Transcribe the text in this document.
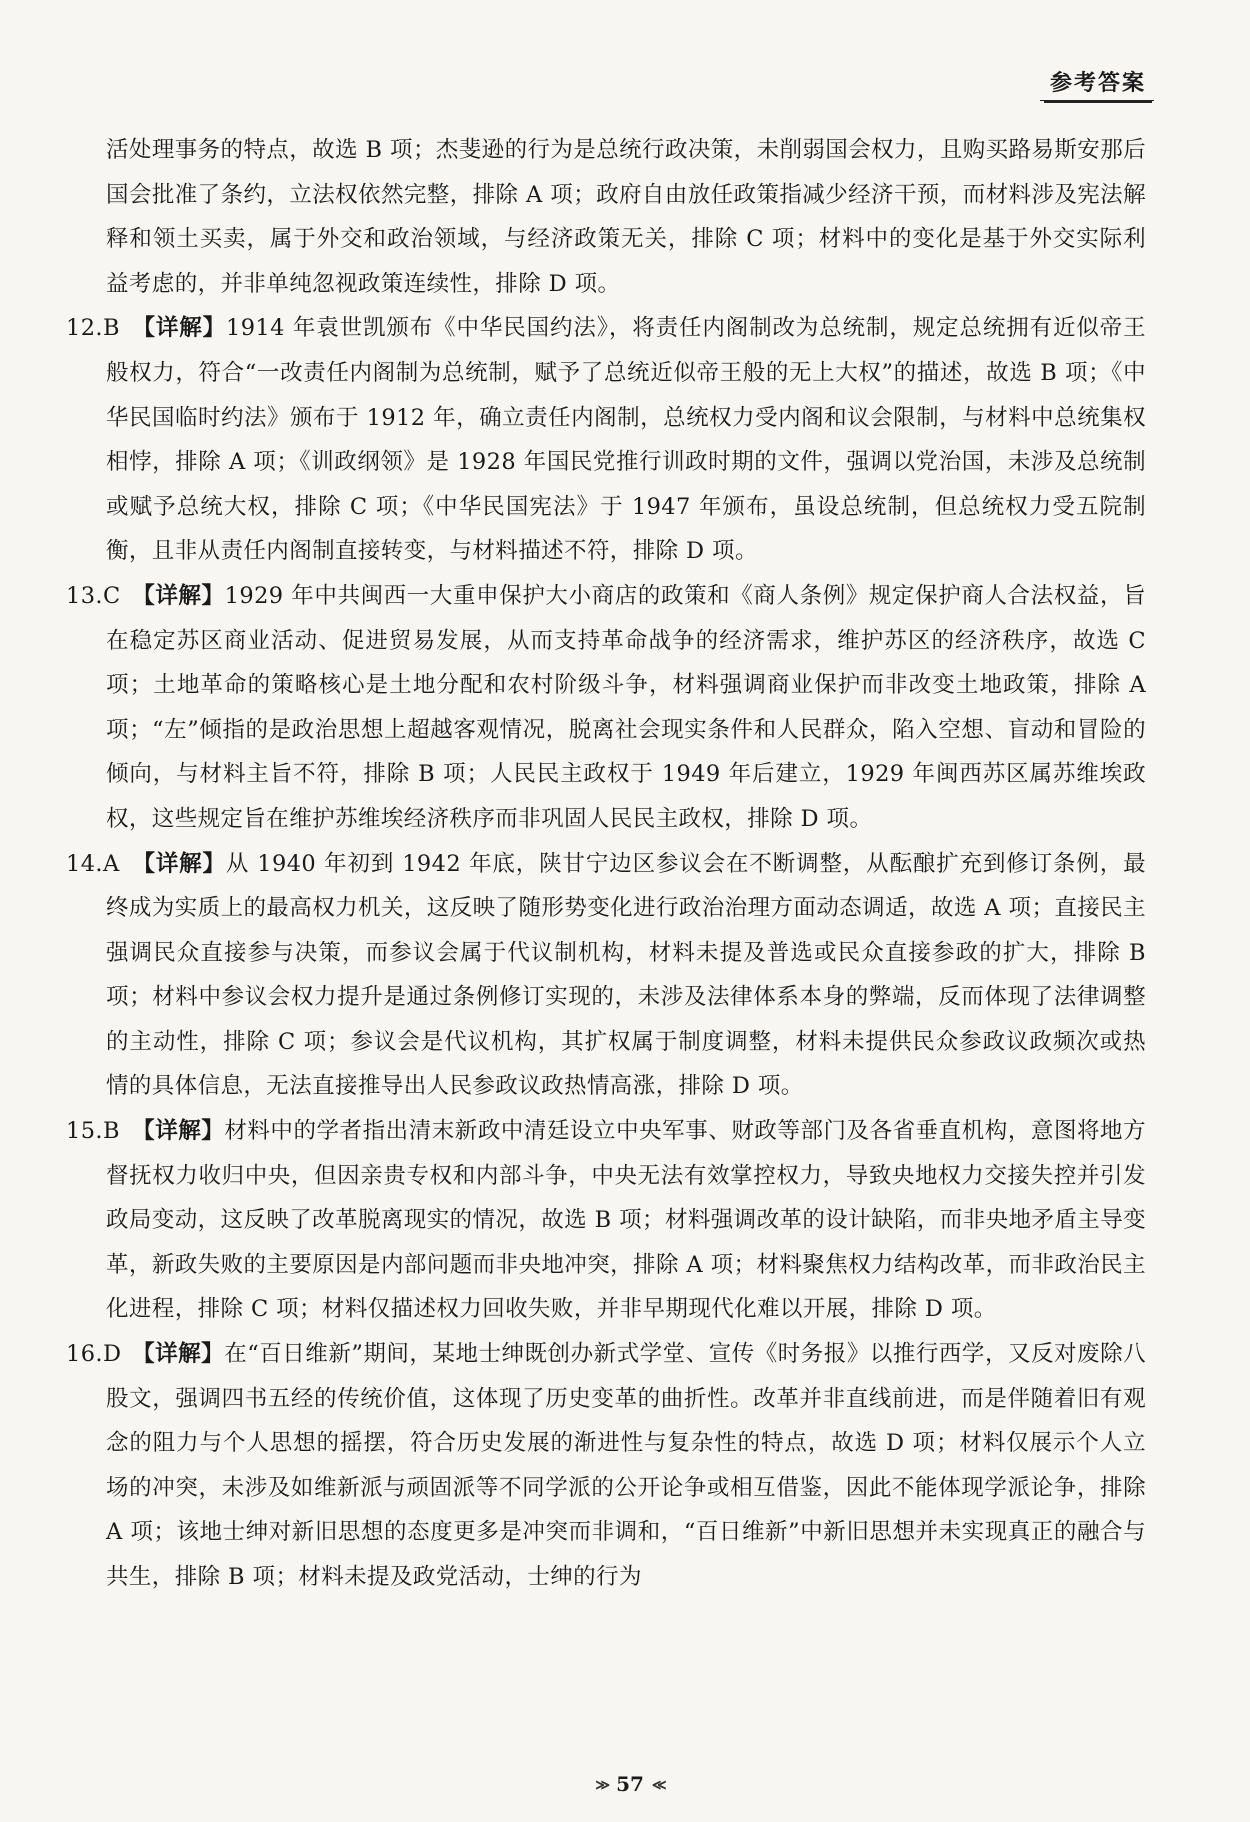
参考答案

活处理事务的特点，故选 B 项；杰斐逊的行为是总统行政决策，未削弱国会权力，且购买路易斯安那后国会批准了条约，立法权依然完整，排除 A 项；政府自由放任政策指减少经济干预，而材料涉及宪法解释和领土买卖，属于外交和政治领域，与经济政策无关，排除 C 项；材料中的变化是基于外交实际利益考虑的，并非单纯忽视政策连续性，排除 D 项。

12.B 【详解】1914 年袁世凯颁布《中华民国约法》，将责任内阁制改为总统制，规定总统拥有近似帝王般权力，符合“一改责任内阁制为总统制，赋予了总统近似帝王般的无上大权”的描述，故选 B 项；《中华民国临时约法》颁布于 1912 年，确立责任内阁制，总统权力受内阁和议会限制，与材料中总统集权相悖，排除 A 项；《训政纲领》是 1928 年国民党推行训政时期的文件，强调以党治国，未涉及总统制或赋予总统大权，排除 C 项；《中华民国宪法》于 1947 年颁布，虽设总统制，但总统权力受五院制衡，且非从责任内阁制直接转变，与材料描述不符，排除 D 项。

13.C 【详解】1929 年中共闽西一大重申保护大小商店的政策和《商人条例》规定保护商人合法权益，旨在稳定苏区商业活动、促进贸易发展，从而支持革命战争的经济需求，维护苏区的经济秩序，故选 C 项；土地革命的策略核心是土地分配和农村阶级斗争，材料强调商业保护而非改变土地政策，排除 A 项；“左”倾指的是政治思想上超越客观情况，脱离社会现实条件和人民群众，陷入空想、盲动和冒险的倾向，与材料主旨不符，排除 B 项；人民民主政权于 1949 年后建立，1929 年闽西苏区属苏维埃政权，这些规定旨在维护苏维埃经济秩序而非巩固人民民主政权，排除 D 项。

14.A 【详解】从 1940 年初到 1942 年底，陕甘宁边区参议会在不断调整，从酝酿扩充到修订条例，最终成为实质上的最高权力机关，这反映了随形势变化进行政治治理方面动态调适，故选 A 项；直接民主强调民众直接参与决策，而参议会属于代议制机构，材料未提及普选或民众直接参政的扩大，排除 B 项；材料中参议会权力提升是通过条例修订实现的，未涉及法律体系本身的弊端，反而体现了法律调整的主动性，排除 C 项；参议会是代议机构，其扩权属于制度调整，材料未提供民众参政议政频次或热情的具体信息，无法直接推导出人民参政议政热情高涨，排除 D 项。

15.B 【详解】材料中的学者指出清末新政中清廷设立中央军事、财政等部门及各省垂直机构，意图将地方督抚权力收归中央，但因亲贵专权和内部斗争，中央无法有效掌控权力，导致央地权力交接失控并引发政局变动，这反映了改革脱离现实的情况，故选 B 项；材料强调改革的设计缺陷，而非央地矛盾主导变革，新政失败的主要原因是内部问题而非央地冲突，排除 A 项；材料聚焦权力结构改革，而非政治民主化进程，排除 C 项；材料仅描述权力回收失败，并非早期现代化难以开展，排除 D 项。

16.D 【详解】在“百日维新”期间，某地士绅既创办新式学堂、宣传《时务报》以推行西学，又反对废除八股文，强调四书五经的传统价值，这体现了历史变革的曲折性。改革并非直线前进，而是伴随着旧有观念的阻力与个人思想的摇摆，符合历史发展的渐进性与复杂性的特点，故选 D 项；材料仅展示个人立场的冲突，未涉及如维新派与顽固派等不同学派的公开论争或相互借鉴，因此不能体现学派论争，排除 A 项；该地士绅对新旧思想的态度更多是冲突而非调和，“百日维新”中新旧思想并未实现真正的融合与共生，排除 B 项；材料未提及政党活动，士绅的行为

≫ 57 ≪
